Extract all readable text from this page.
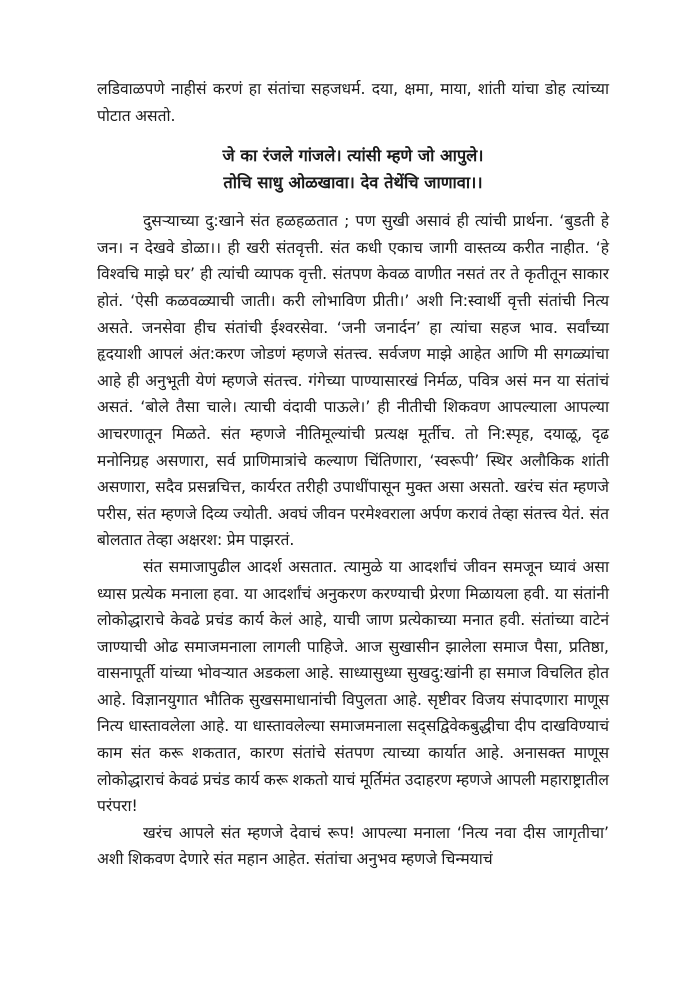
लडिवाळपणे नाहीसं करणं हा संतांचा सहजधर्म. दया, क्षमा, माया, शांती यांचा डोह त्यांच्या पोटात असतो.

जे का रंजले गांजले। त्यांसी म्हणे जो आपुले।
तोचि साधु ओळखावा। देव तेथेंचि जाणावा।।

दुसऱ्याच्या दु:खाने संत हळहळतात ; पण सुखी असावं ही त्यांची प्रार्थना. ‘बुडती हे जन। न देखवे डोळा।। ही खरी संतवृत्ती. संत कधी एकाच जागी वास्तव्य करीत नाहीत. ‘हे विश्वचि माझे घर’ ही त्यांची व्यापक वृत्ती. संतपण केवळ वाणीत नसतं तर ते कृतीतून साकार होतं. ‘ऐसी कळवळ्याची जाती। करी लोभाविण प्रीती।’ अशी नि:स्वार्थी वृत्ती संतांची नित्य असते. जनसेवा हीच संतांची ईश्वरसेवा. ‘जनी जनार्दन’ हा त्यांचा सहज भाव. सर्वांच्या हृदयाशी आपलं अंत:करण जोडणं म्हणजे संतत्त्व. सर्वजण माझे आहेत आणि मी सगळ्यांचा आहे ही अनुभूती येणं म्हणजे संतत्त्व. गंगेच्या पाण्यासारखं निर्मळ, पवित्र असं मन या संतांचं असतं. ‘बोले तैसा चाले। त्याची वंदावी पाऊले।’ ही नीतीची शिकवण आपल्याला आपल्या आचरणातून मिळते. संत म्हणजे नीतिमूल्यांची प्रत्यक्ष मूर्तीच. तो नि:स्पृह, दयाळू, दृढ मनोनिग्रह असणारा, सर्व प्राणिमात्रांचे कल्याण चिंतिणारा, ‘स्वरूपी’ स्थिर अलौकिक शांती असणारा, सदैव प्रसन्नचित्त, कार्यरत तरीही उपाधींपासून मुक्त असा असतो. खरंच संत म्हणजे परीस, संत म्हणजे दिव्य ज्योती. अवघं जीवन परमेश्वराला अर्पण करावं तेव्हा संतत्त्व येतं. संत बोलतात तेव्हा अक्षरश: प्रेम पाझरतं.

संत समाजापुढील आदर्श असतात. त्यामुळे या आदर्शांचं जीवन समजून घ्यावं असा ध्यास प्रत्येक मनाला हवा. या आदर्शांचं अनुकरण करण्याची प्रेरणा मिळायला हवी. या संतांनी लोकोद्धाराचे केवढे प्रचंड कार्य केलं आहे, याची जाण प्रत्येकाच्या मनात हवी. संतांच्या वाटेनं जाण्याची ओढ समाजमनाला लागली पाहिजे. आज सुखासीन झालेला समाज पैसा, प्रतिष्ठा, वासनापूर्ती यांच्या भोवऱ्यात अडकला आहे. साध्यासुध्या सुखदु:खांनी हा समाज विचलित होत आहे. विज्ञानयुगात भौतिक सुखसमाधानांची विपुलता आहे. सृष्टीवर विजय संपादणारा माणूस नित्य धास्तावलेला आहे. या धास्तावलेल्या समाजमनाला सद्सद्विवेकबुद्धीचा दीप दाखविण्याचं काम संत करू शकतात, कारण संतांचे संतपण त्याच्या कार्यात आहे. अनासक्त माणूस लोकोद्धाराचं केवढं प्रचंड कार्य करू शकतो याचं मूर्तिमंत उदाहरण म्हणजे आपली महाराष्ट्रातील परंपरा!

खरंच आपले संत म्हणजे देवाचं रूप! आपल्या मनाला ‘नित्य नवा दीस जागृतीचा’ अशी शिकवण देणारे संत महान आहेत. संतांचा अनुभव म्हणजे चिन्मयाचं
